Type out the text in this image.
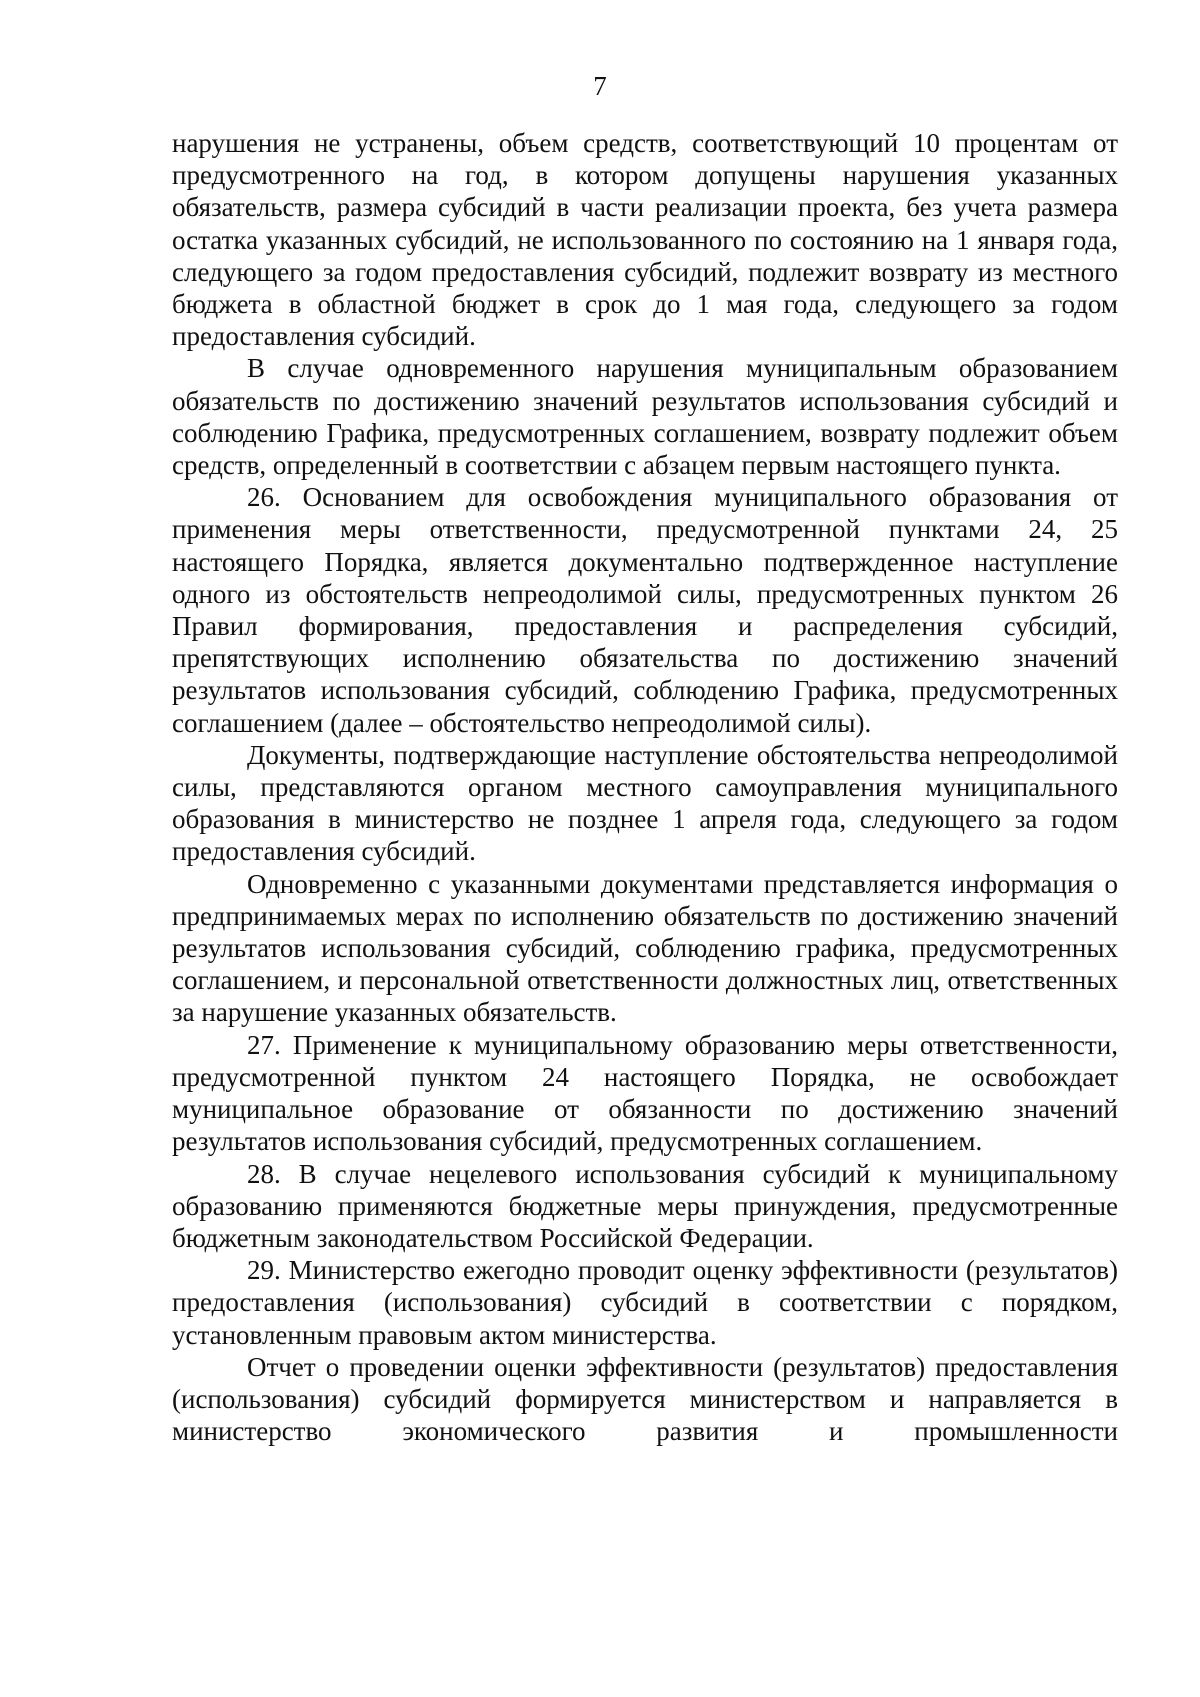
7

нарушения не устранены, объем средств, соответствующий 10 процентам от предусмотренного на год, в котором допущены нарушения указанных обязательств, размера субсидий в части реализации проекта, без учета размера остатка указанных субсидий, не использованного по состоянию на 1 января года, следующего за годом предоставления субсидий, подлежит возврату из местного бюджета в областной бюджет в срок до 1 мая года, следующего за годом предоставления субсидий.

В случае одновременного нарушения муниципальным образованием обязательств по достижению значений результатов использования субсидий и соблюдению Графика, предусмотренных соглашением, возврату подлежит объем средств, определенный в соответствии с абзацем первым настоящего пункта.

26. Основанием для освобождения муниципального образования от применения меры ответственности, предусмотренной пунктами 24, 25 настоящего Порядка, является документально подтвержденное наступление одного из обстоятельств непреодолимой силы, предусмотренных пунктом 26 Правил формирования, предоставления и распределения субсидий, препятствующих исполнению обязательства по достижению значений результатов использования субсидий, соблюдению Графика, предусмотренных соглашением (далее – обстоятельство непреодолимой силы).

Документы, подтверждающие наступление обстоятельства непреодолимой силы, представляются органом местного самоуправления муниципального образования в министерство не позднее 1 апреля года, следующего за годом предоставления субсидий.

Одновременно с указанными документами представляется информация о предпринимаемых мерах по исполнению обязательств по достижению значений результатов использования субсидий, соблюдению графика, предусмотренных соглашением, и персональной ответственности должностных лиц, ответственных за нарушение указанных обязательств.

27. Применение к муниципальному образованию меры ответственности, предусмотренной пунктом 24 настоящего Порядка, не освобождает муниципальное образование от обязанности по достижению значений результатов использования субсидий, предусмотренных соглашением.

28. В случае нецелевого использования субсидий к муниципальному образованию применяются бюджетные меры принуждения, предусмотренные бюджетным законодательством Российской Федерации.

29. Министерство ежегодно проводит оценку эффективности (результатов) предоставления (использования) субсидий в соответствии с порядком, установленным правовым актом министерства.

Отчет о проведении оценки эффективности (результатов) предоставления (использования) субсидий формируется министерством и направляется в министерство экономического развития и промышленности
